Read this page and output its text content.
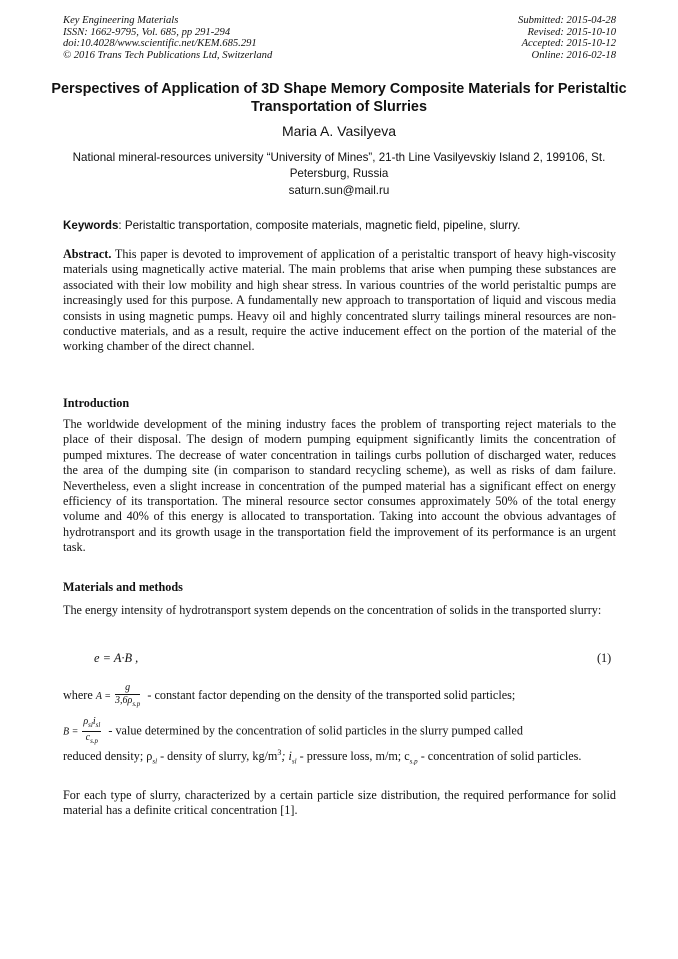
Key Engineering Materials
ISSN: 1662-9795, Vol. 685, pp 291-294
doi:10.4028/www.scientific.net/KEM.685.291
© 2016 Trans Tech Publications Ltd, Switzerland
Submitted: 2015-04-28
Revised: 2015-10-10
Accepted: 2015-10-12
Online: 2016-02-18
Perspectives of Application of 3D Shape Memory Composite Materials for Peristaltic Transportation of Slurries
Maria A. Vasilyeva
National mineral-resources university “University of Mines”, 21-th Line Vasilyevskiy Island 2, 199106, St. Petersburg, Russia
saturn.sun@mail.ru
Keywords: Peristaltic transportation, composite materials, magnetic field, pipeline, slurry.
Abstract. This paper is devoted to improvement of application of a peristaltic transport of heavy high-viscosity materials using magnetically active material. The main problems that arise when pumping these substances are associated with their low mobility and high shear stress. In various countries of the world peristaltic pumps are increasingly used for this purpose. A fundamentally new approach to transportation of liquid and viscous media consists in using magnetic pumps. Heavy oil and highly concentrated slurry tailings mineral resources are non-conductive materials, and as a result, require the active inducement effect on the portion of the material of the working chamber of the direct channel.
Introduction
The worldwide development of the mining industry faces the problem of transporting reject materials to the place of their disposal. The design of modern pumping equipment significantly limits the concentration of pumped mixtures. The decrease of water concentration in tailings curbs pollution of discharged water, reduces the area of the dumping site (in comparison to standard recycling scheme), as well as risks of dam failure. Nevertheless, even a slight increase in concentration of the pumped material has a significant effect on energy efficiency of its transportation. The mineral resource sector consumes approximately 50% of the total energy volume and 40% of this energy is allocated to transportation. Taking into account the obvious advantages of hydrotransport and its growth usage in the transportation field the improvement of its performance is an urgent task.
Materials and methods
The energy intensity of hydrotransport system depends on the concentration of solids in the transported slurry:
e = A·B ,	(1)
where $A = \frac{g}{3,6\rho_{s.p}}$ - constant factor depending on the density of the transported solid particles;
$B = \frac{\rho_{sl}i_{sl}}{c_{s.p}}$ - value determined by the concentration of solid particles in the slurry pumped called
reduced density; $\rho_{sl}$ - density of slurry, $kg/m^3$; $i_{sl}$ - pressure loss, m/m; $c_{s.p}$ - concentration of solid particles.
For each type of slurry, characterized by a certain particle size distribution, the required performance for solid material has a definite critical concentration [1].
